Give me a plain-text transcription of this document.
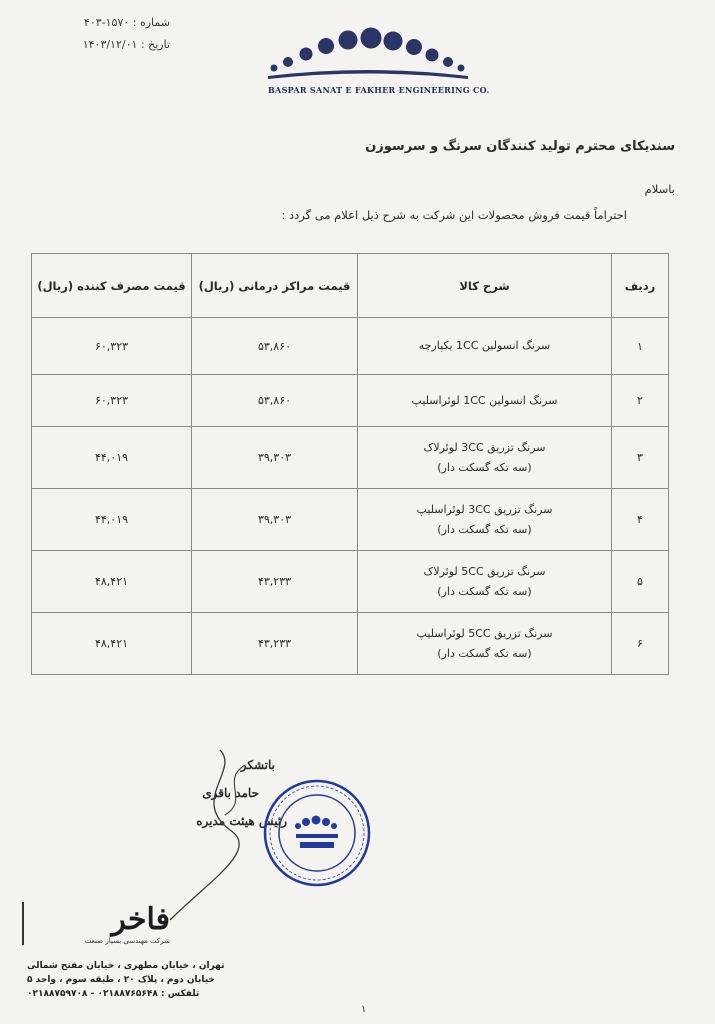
شماره : ۱۵۷۰-۴۰۳
تاریخ : ۱۴۰۳/۱۲/۰۱
BASPAR SANAT E FAKHER ENGINEERING CO.
سندیکای محترم تولید کنندگان سرنگ و سرسوزن
باسلام
احتراماً قیمت فروش محصولات این شرکت به شرح ذیل اعلام می گردد :
ردیف	شرح کالا	قیمت مراکز درمانی (ریال)	قیمت مصرف کننده (ریال)
۱	سرنگ انسولین 1CC یکپارچه	۵۳,۸۶۰	۶۰,۳۲۳
۲	سرنگ انسولین 1CC لوئراسلیپ	۵۳,۸۶۰	۶۰,۳۲۳
۳	سرنگ تزریق 3CC لوئرلاک
(سه تکه گسکت دار)	۳۹,۳۰۳	۴۴,۰۱۹
۴	سرنگ تزریق 3CC لوئراسلیپ
(سه تکه گسکت دار)	۳۹,۳۰۳	۴۴,۰۱۹
۵	سرنگ تزریق 5CC لوئرلاک
(سه تکه گسکت دار)	۴۳,۲۳۳	۴۸,۴۲۱
۶	سرنگ تزریق 5CC لوئراسلیپ
(سه تکه گسکت دار)	۴۳,۲۳۳	۴۸,۴۲۱
باتشکر
حامد باقری
رئیس هیئت مدیره
فاخر
شرکت مهندسی بسپار صنعت
تهران ، خیابان مطهری ، خیابان مفتح شمالی
خیابان دوم ، پلاک ۲۰ ، طبقه سوم ، واحد ۵
تلفکس : ۰۲۱۸۸۷۶۵۶۴۸ - ۰۲۱۸۸۷۵۹۷۰۸
۱
